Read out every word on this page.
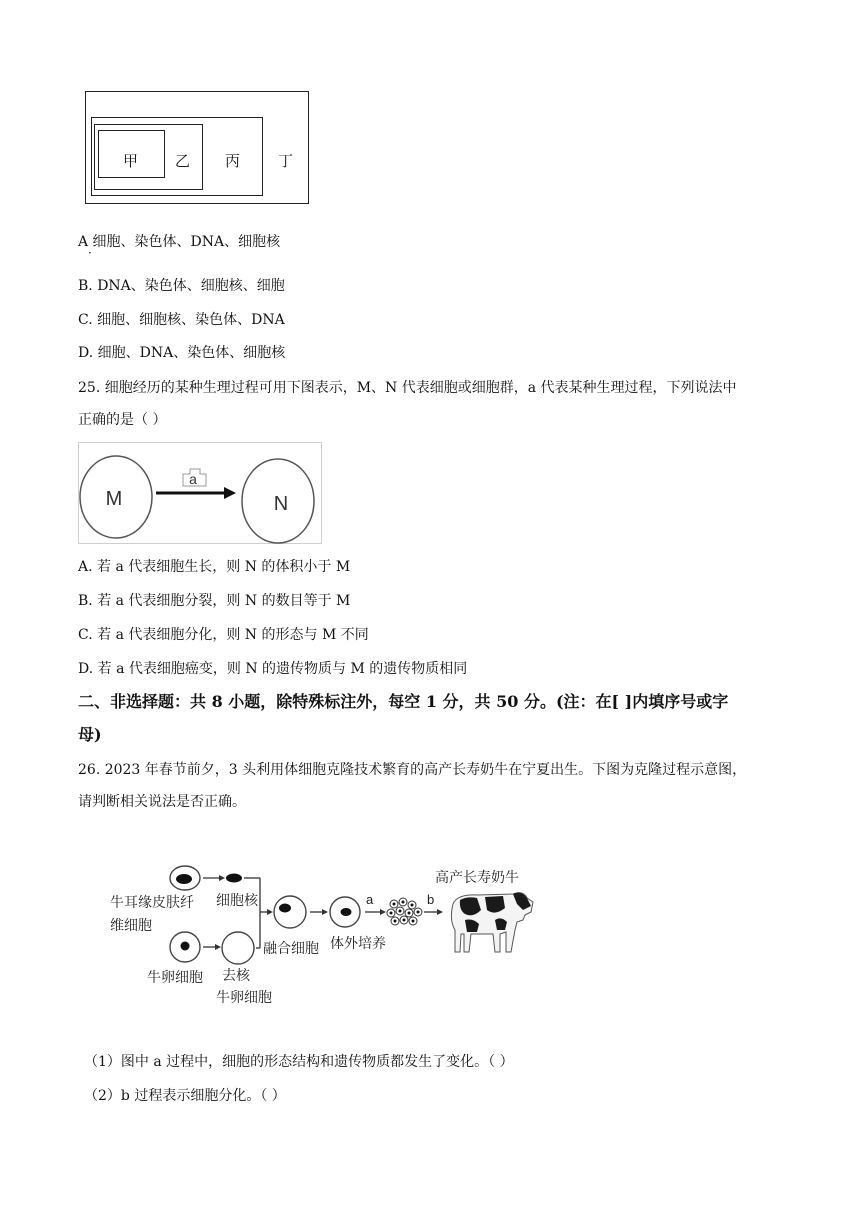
甲 乙 丙	丁
A 细胞、染色体、DNA、细胞核
·
B. DNA、染色体、细胞核、细胞
C. 细胞、细胞核、染色体、DNA
D. 细胞、DNA、染色体、细胞核
25. 细胞经历的某种生理过程可用下图表示，M、N 代表细胞或细胞群，a 代表某种生理过程，下列说法中
正确的是（ ）
a
M	N
A. 若 a 代表细胞生长，则 N 的体积小于 M
B. 若 a 代表细胞分裂，则 N 的数目等于 M
C. 若 a 代表细胞分化，则 N 的形态与 M 不同
D. 若 a 代表细胞癌变，则 N 的遗传物质与 M 的遗传物质相同
二、非选择题：共 8 小题，除特殊标注外，每空 1 分，共 50 分。(注：在[ ]内填序号或字
母)
26. 2023 年春节前夕，3 头利用体细胞克隆技术繁育的高产长寿奶牛在宁夏出生。下图为克隆过程示意图，
请判断相关说法是否正确。
牛耳缘皮肤纤
维细胞
细胞核
牛卵细胞 去核
牛卵细胞
融合细胞 体外培养
a	b
高产长寿奶牛
（1）图中 a 过程中，细胞的形态结构和遗传物质都发生了变化。（ ）
（2）b 过程表示细胞分化。（ ）
